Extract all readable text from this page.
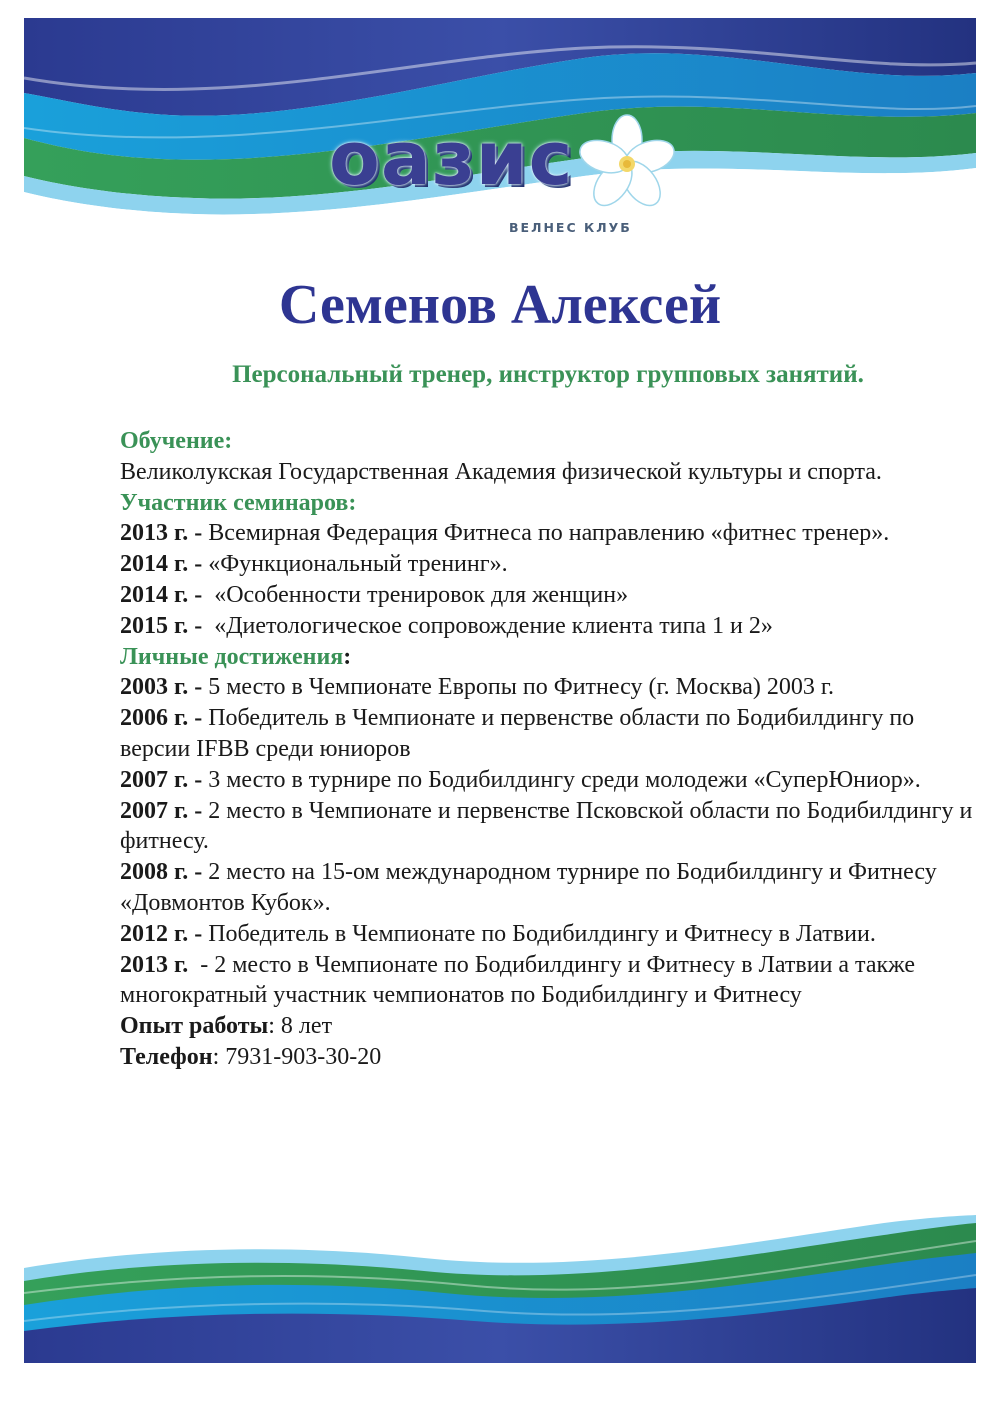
оазис
ВЕЛНЕС КЛУБ
Семенов Алексей

Персональный тренер, инструктор групповых занятий.

Обучение:

Великолукская Государственная Академия физической культуры и спорта.

Участник семинаров:

2013 г. - Всемирная Федерация Фитнеса по направлению «фитнес тренер».

2014 г. - «Функциональный тренинг».

2014 г. - «Особенности тренировок для женщин»

2015 г. - «Диетологическое сопровождение клиента типа 1 и 2»

Личные достижения:

2003 г. - 5 место в Чемпионате Европы по Фитнесу (г. Москва) 2003 г.

2006 г. - Победитель в Чемпионате и первенстве области по Бодибилдингу по версии IFBB среди юниоров

2007 г. - 3 место в турнире по Бодибилдингу среди молодежи «СуперЮниор».

2007 г. - 2 место в Чемпионате и первенстве Псковской области по Бодибилдингу и фитнесу.

2008 г. - 2 место на 15-ом международном турнире по Бодибилдингу и Фитнесу «Довмонтов Кубок».

2012 г. - Победитель в Чемпионате по Бодибилдингу и Фитнесу в Латвии.

2013 г. - 2 место в Чемпионате по Бодибилдингу и Фитнесу в Латвии а также многократный участник чемпионатов по Бодибилдингу и Фитнесу

Опыт работы: 8 лет

Телефон: 7931-903-30-20
